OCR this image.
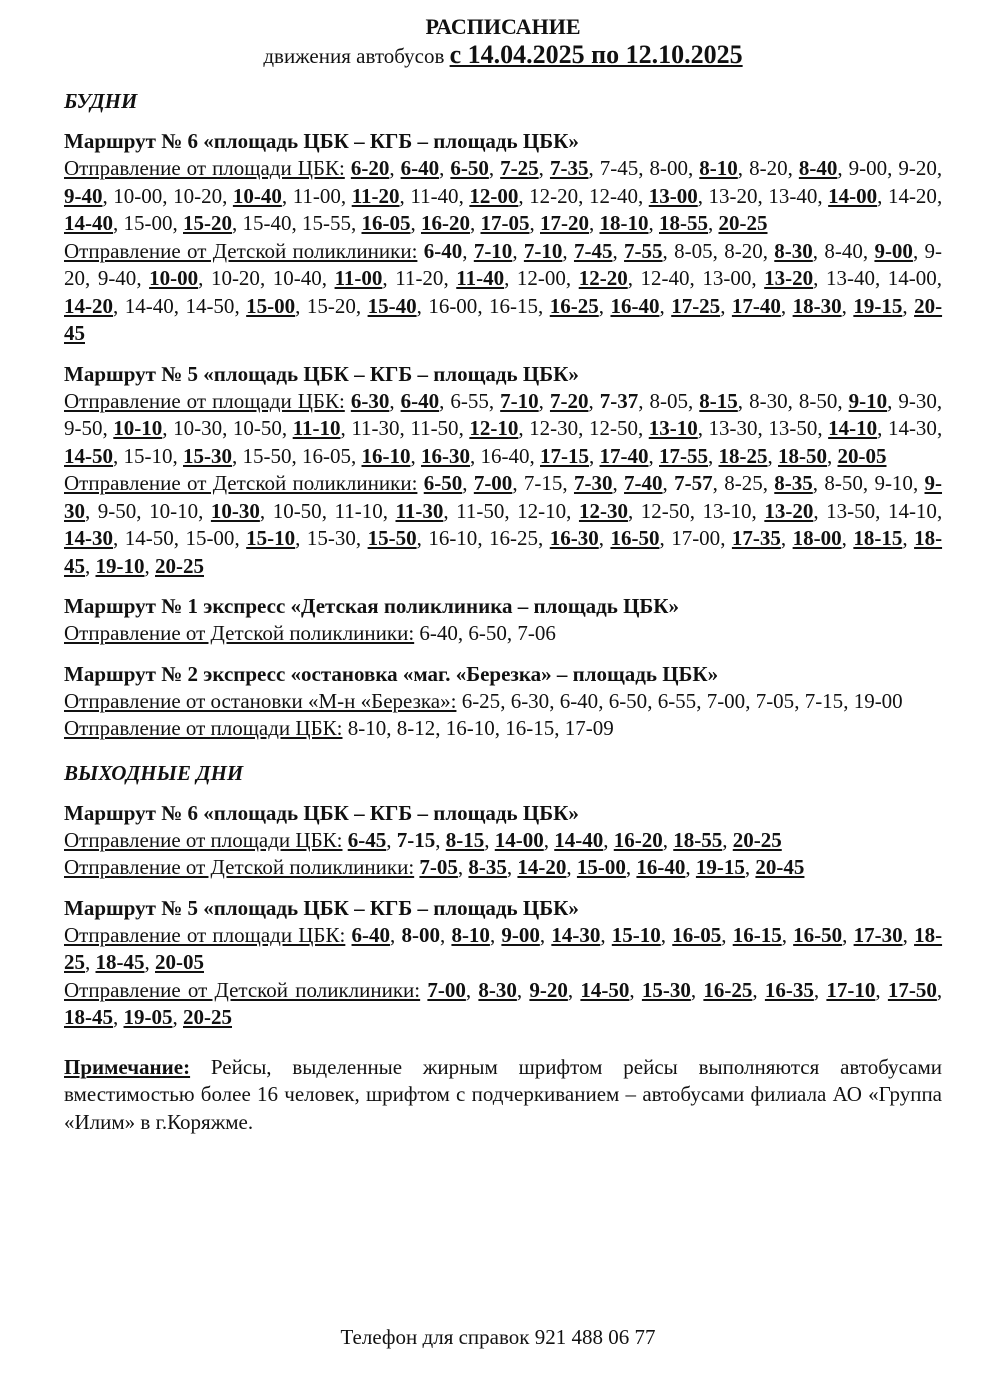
РАСПИСАНИЕ
движения автобусов с 14.04.2025 по 12.10.2025
БУДНИ
Маршрут № 6 «площадь ЦБК – КГБ – площадь ЦБК»
Отправление от площади ЦБК: 6-20, 6-40, 6-50, 7-25, 7-35, 7-45, 8-00, 8-10, 8-20, 8-40, 9-00, 9-20, 9-40, 10-00, 10-20, 10-40, 11-00, 11-20, 11-40, 12-00, 12-20, 12-40, 13-00, 13-20, 13-40, 14-00, 14-20, 14-40, 15-00, 15-20, 15-40, 15-55, 16-05, 16-20, 17-05, 17-20, 18-10, 18-55, 20-25
Отправление от Детской поликлиники: 6-40, 7-10, 7-10, 7-45, 7-55, 8-05, 8-20, 8-30, 8-40, 9-00, 9-20, 9-40, 10-00, 10-20, 10-40, 11-00, 11-20, 11-40, 12-00, 12-20, 12-40, 13-00, 13-20, 13-40, 14-00, 14-20, 14-40, 14-50, 15-00, 15-20, 15-40, 16-00, 16-15, 16-25, 16-40, 17-25, 17-40, 18-30, 19-15, 20-45
Маршрут № 5 «площадь ЦБК – КГБ – площадь ЦБК»
Отправление от площади ЦБК: 6-30, 6-40, 6-55, 7-10, 7-20, 7-37, 8-05, 8-15, 8-30, 8-50, 9-10, 9-30, 9-50, 10-10, 10-30, 10-50, 11-10, 11-30, 11-50, 12-10, 12-30, 12-50, 13-10, 13-30, 13-50, 14-10, 14-30, 14-50, 15-10, 15-30, 15-50, 16-05, 16-10, 16-30, 16-40, 17-15, 17-40, 17-55, 18-25, 18-50, 20-05
Отправление от Детской поликлиники: 6-50, 7-00, 7-15, 7-30, 7-40, 7-57, 8-25, 8-35, 8-50, 9-10, 9-30, 9-50, 10-10, 10-30, 10-50, 11-10, 11-30, 11-50, 12-10, 12-30, 12-50, 13-10, 13-20, 13-50, 14-10, 14-30, 14-50, 15-00, 15-10, 15-30, 15-50, 16-10, 16-25, 16-30, 16-50, 17-00, 17-35, 18-00, 18-15, 18-45, 19-10, 20-25
Маршрут № 1 экспресс «Детская поликлиника – площадь ЦБК»
Отправление от Детской поликлиники: 6-40, 6-50, 7-06
Маршрут № 2 экспресс «остановка «маг. «Березка» – площадь ЦБК»
Отправление от остановки «М-н «Березка»: 6-25, 6-30, 6-40, 6-50, 6-55, 7-00, 7-05, 7-15, 19-00
Отправление от площади ЦБК: 8-10, 8-12, 16-10, 16-15, 17-09
ВЫХОДНЫЕ ДНИ
Маршрут № 6 «площадь ЦБК – КГБ – площадь ЦБК»
Отправление от площади ЦБК: 6-45, 7-15, 8-15, 14-00, 14-40, 16-20, 18-55, 20-25
Отправление от Детской поликлиники: 7-05, 8-35, 14-20, 15-00, 16-40, 19-15, 20-45
Маршрут № 5 «площадь ЦБК – КГБ – площадь ЦБК»
Отправление от площади ЦБК: 6-40, 8-00, 8-10, 9-00, 14-30, 15-10, 16-05, 16-15, 16-50, 17-30, 18-25, 18-45, 20-05
Отправление от Детской поликлиники: 7-00, 8-30, 9-20, 14-50, 15-30, 16-25, 16-35, 17-10, 17-50, 18-45, 19-05, 20-25
Примечание: Рейсы, выделенные жирным шрифтом рейсы выполняются автобусами вместимостью более 16 человек, шрифтом с подчеркиванием – автобусами филиала АО «Группа «Илим» в г.Коряжме.
Телефон для справок 921 488 06 77
